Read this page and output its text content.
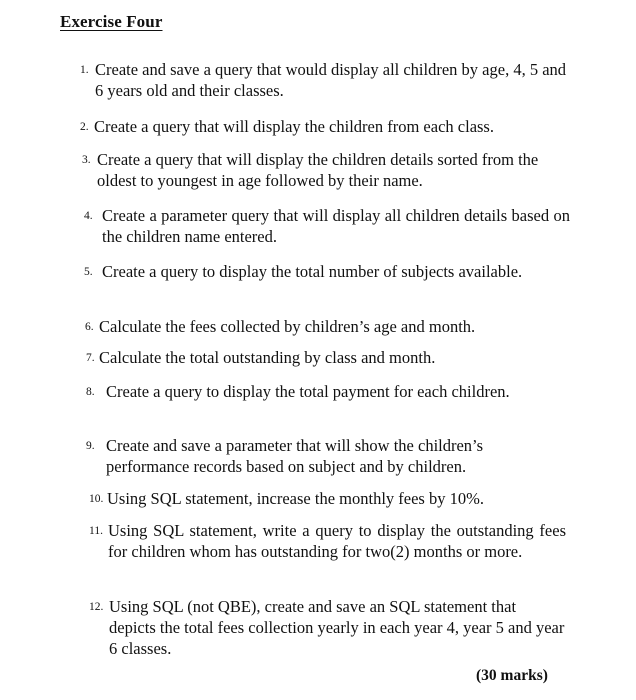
Exercise Four
1. Create and save a query that would display all children by age, 4, 5 and 6 years old and their classes.
2. Create a query that will display the children from each class.
3. Create a query that will display the children details sorted from the oldest to youngest in age followed by their name.
4. Create a parameter query that will display all children details based on the children name entered.
5. Create a query to display the total number of subjects available.
6. Calculate the fees collected by children’s age and month.
7. Calculate the total outstanding by class and month.
8. Create a query to display the total payment for each children.
9. Create and save a parameter that will show the children’s performance records based on subject and by children.
10. Using SQL statement, increase the monthly fees by 10%.
11. Using SQL statement, write a query to display the outstanding fees for children whom has outstanding for two(2) months or more.
12. Using SQL (not QBE), create and save an SQL statement that depicts the total fees collection yearly in each year 4, year 5 and year 6 classes.
(30 marks)
